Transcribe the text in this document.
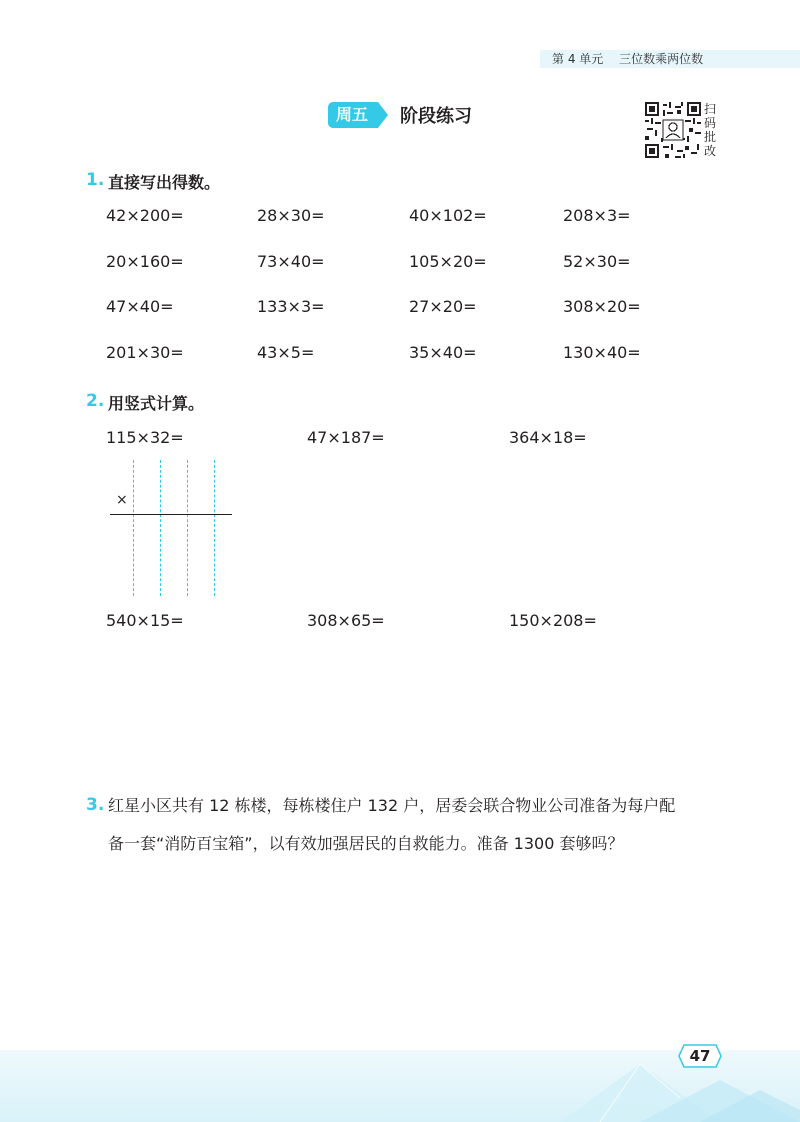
第 4 单元 三位数乘两位数
周五	阶段练习	扫码批改
1. 直接写出得数。
42×200=	28×30=	40×102=	208×3=
20×160=	73×40=	105×20=	52×30=
47×40=	133×3=	27×20=	308×20=
201×30=	43×5=	35×40=	130×40=
2. 用竖式计算。
115×32=	47×187=	364×18=
×
540×15=	308×65=	150×208=
3. 红星小区共有 12 栋楼，每栋楼住户 132 户，居委会联合物业公司准备为每户配
备一套“消防百宝箱”，以有效加强居民的自救能力。准备 1300 套够吗？
47
